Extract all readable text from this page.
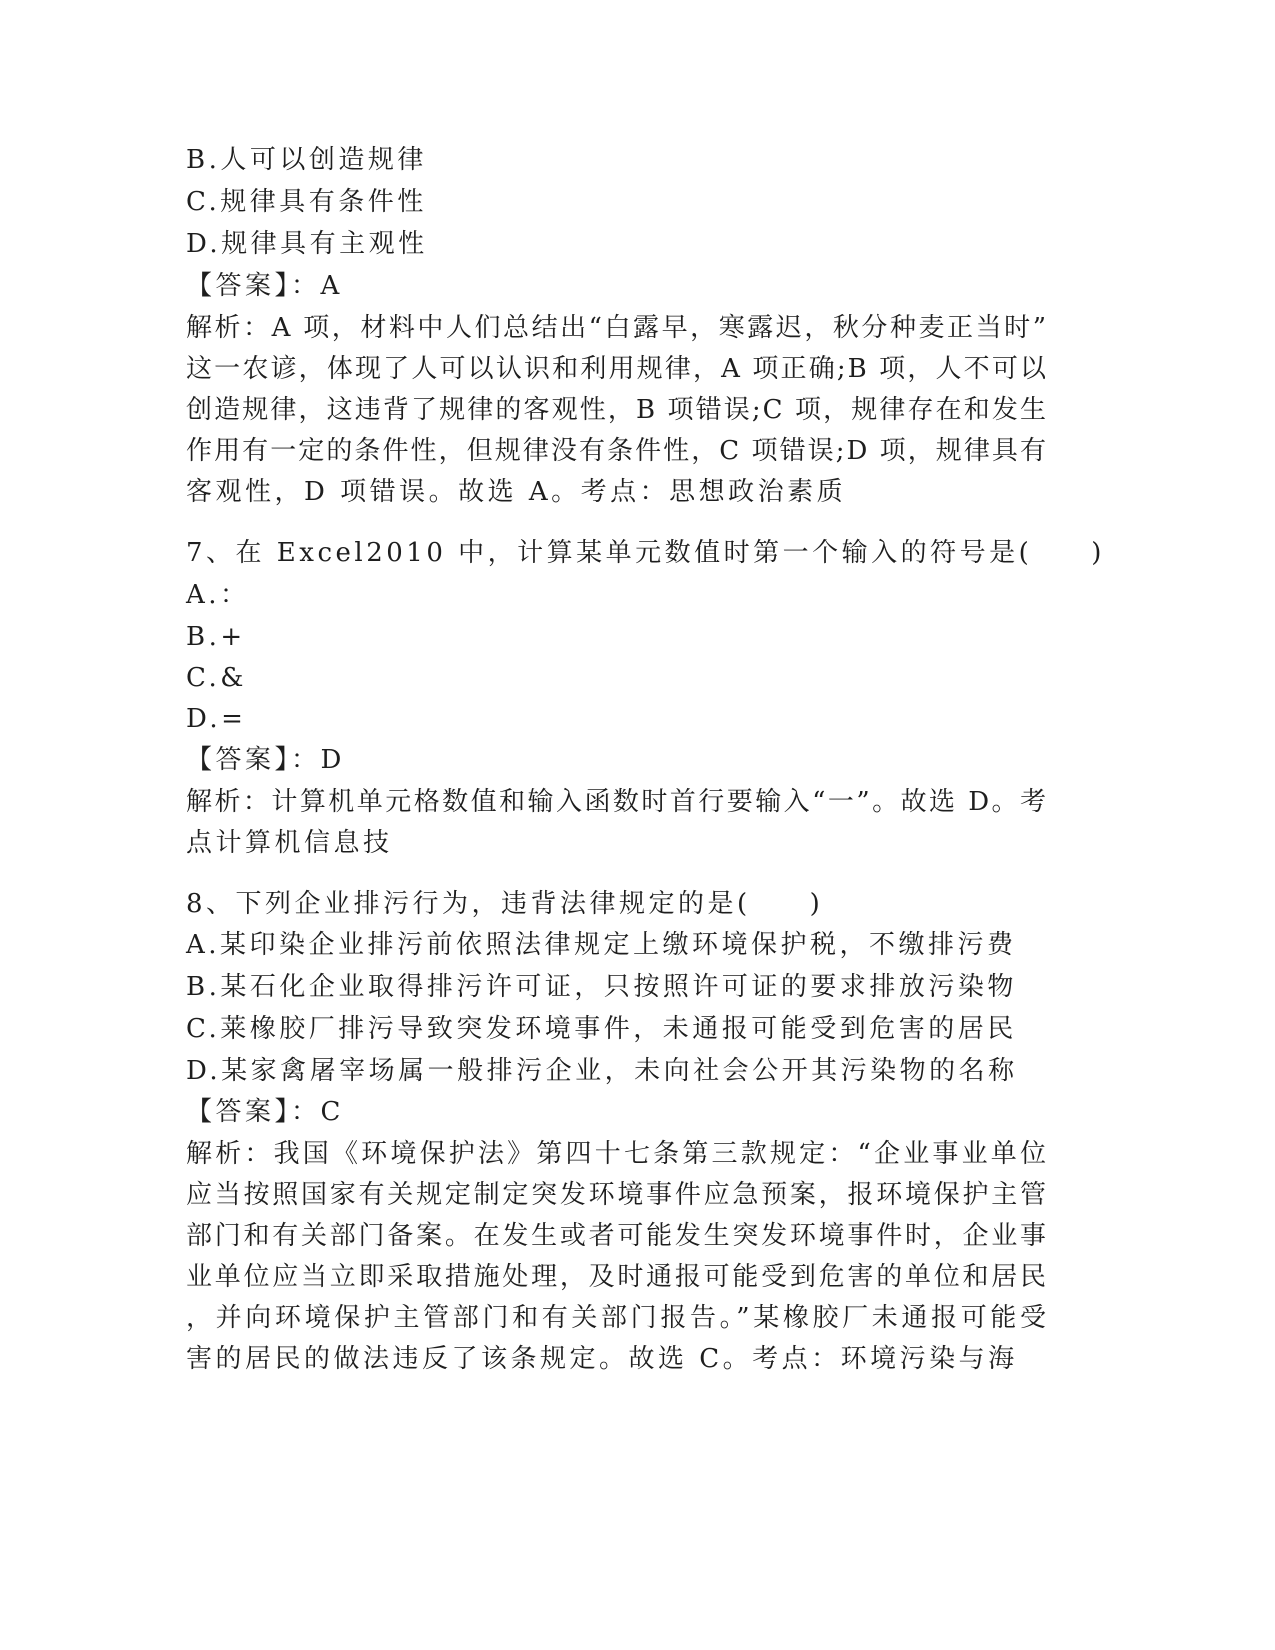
B.人可以创造规律

C.规律具有条件性

D.规律具有主观性

【答案】：A

解析：A 项，材料中人们总结出“白露早，寒露迟，秋分种麦正当时”

这一农谚，体现了人可以认识和利用规律，A 项正确;B 项，人不可以

创造规律，这违背了规律的客观性，B 项错误;C 项，规律存在和发生

作用有一定的条件性，但规律没有条件性，C 项错误;D 项，规律具有

客观性，D 项错误。故选 A。考点：思想政治素质

7、在 Excel2010 中，计算某单元数值时第一个输入的符号是(　　)

A.：

B.+

C.&

D.=

【答案】：D

解析：计算机单元格数值和输入函数时首行要输入“一”。故选 D。考

点计算机信息技

8、下列企业排污行为，违背法律规定的是(　　)

A.某印染企业排污前依照法律规定上缴环境保护税，不缴排污费

B.某石化企业取得排污许可证，只按照许可证的要求排放污染物

C.莱橡胶厂排污导致突发环境事件，未通报可能受到危害的居民

D.某家禽屠宰场属一般排污企业，未向社会公开其污染物的名称

【答案】：C

解析：我国《环境保护法》第四十七条第三款规定：“企业事业单位

应当按照国家有关规定制定突发环境事件应急预案，报环境保护主管

部门和有关部门备案。在发生或者可能发生突发环境事件时，企业事

业单位应当立即采取措施处理，及时通报可能受到危害的单位和居民

，并向环境保护主管部门和有关部门报告。”某橡胶厂未通报可能受

害的居民的做法违反了该条规定。故选 C。考点：环境污染与海
